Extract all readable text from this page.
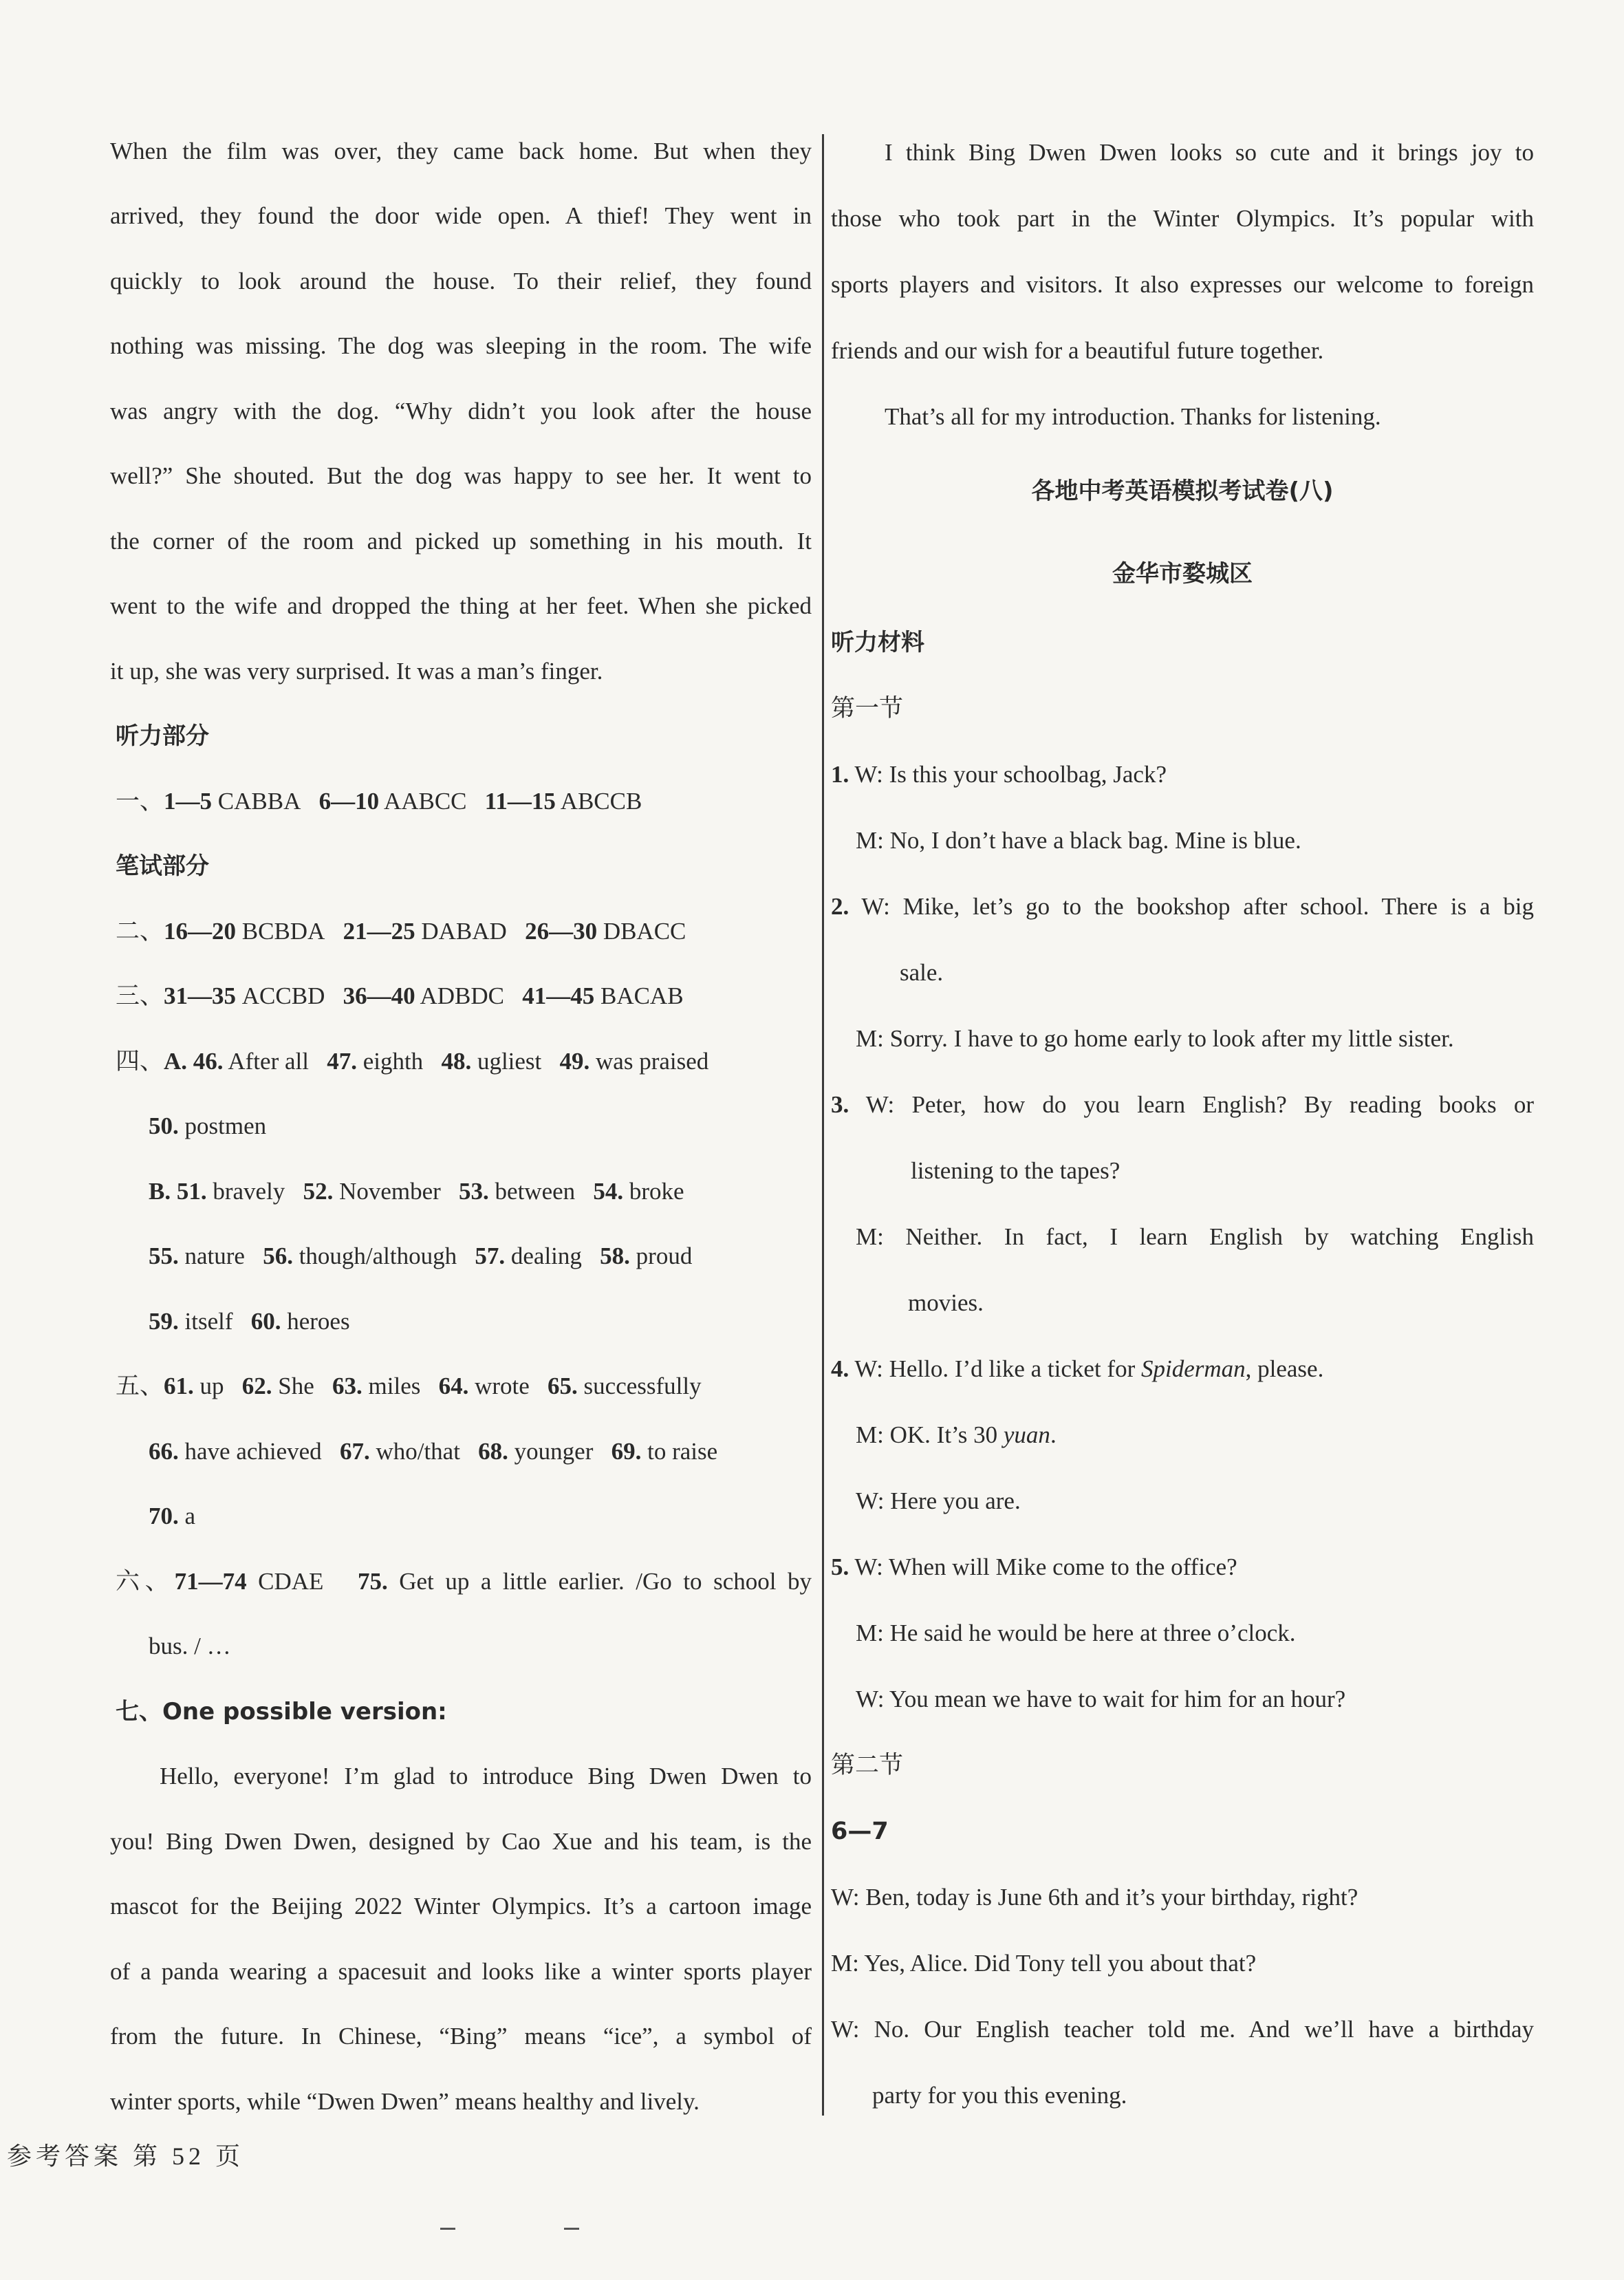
When the film was over, they came back home. But when they
arrived, they found the door wide open. A thief! They went in
quickly to look around the house. To their relief, they found
nothing was missing. The dog was sleeping in the room. The wife
was angry with the dog. “Why didn’t you look after the house
well?” She shouted. But the dog was happy to see her. It went to
the corner of the room and picked up something in his mouth. It
went to the wife and dropped the thing at her feet. When she picked
it up, she was very surprised. It was a man’s finger.
听力部分
一、1—5 CABBA 6—10 AABCC 11—15 ABCCB
笔试部分
二、16—20 BCBDA 21—25 DABAD 26—30 DBACC
三、31—35 ACCBD 36—40 ADBDC 41—45 BACAB
四、A. 46. After all 47. eighth 48. ugliest 49. was praised
50. postmen
B. 51. bravely 52. November 53. between 54. broke
55. nature 56. though/although 57. dealing 58. proud
59. itself 60. heroes
五、61. up 62. She 63. miles 64. wrote 65. successfully
66. have achieved 67. who/that 68. younger 69. to raise
70. a
六、71—74 CDAE 75. Get up a little earlier. /Go to school by
bus. / …
七、One possible version:
Hello, everyone! I’m glad to introduce Bing Dwen Dwen to
you! Bing Dwen Dwen, designed by Cao Xue and his team, is the
mascot for the Beijing 2022 Winter Olympics. It’s a cartoon image
of a panda wearing a spacesuit and looks like a winter sports player
from the future. In Chinese, “Bing” means “ice”, a symbol of
winter sports, while “Dwen Dwen” means healthy and lively.
I think Bing Dwen Dwen looks so cute and it brings joy to
those who took part in the Winter Olympics. It’s popular with
sports players and visitors. It also expresses our welcome to foreign
friends and our wish for a beautiful future together.
That’s all for my introduction. Thanks for listening.
各地中考英语模拟考试卷(八)
金华市婺城区
听力材料
第一节
1. W: Is this your schoolbag, Jack?
M: No, I don’t have a black bag. Mine is blue.
2. W: Mike, let’s go to the bookshop after school. There is a big
sale.
M: Sorry. I have to go home early to look after my little sister.
3. W: Peter, how do you learn English? By reading books or
listening to the tapes?
M: Neither. In fact, I learn English by watching English
movies.
4. W: Hello. I’d like a ticket for Spiderman, please.
M: OK. It’s 30 yuan.
W: Here you are.
5. W: When will Mike come to the office?
M: He said he would be here at three o’clock.
W: You mean we have to wait for him for an hour?
第二节
6—7
W: Ben, today is June 6th and it’s your birthday, right?
M: Yes, Alice. Did Tony tell you about that?
W: No. Our English teacher told me. And we’ll have a birthday
party for you this evening.
参考答案 第 52 页
